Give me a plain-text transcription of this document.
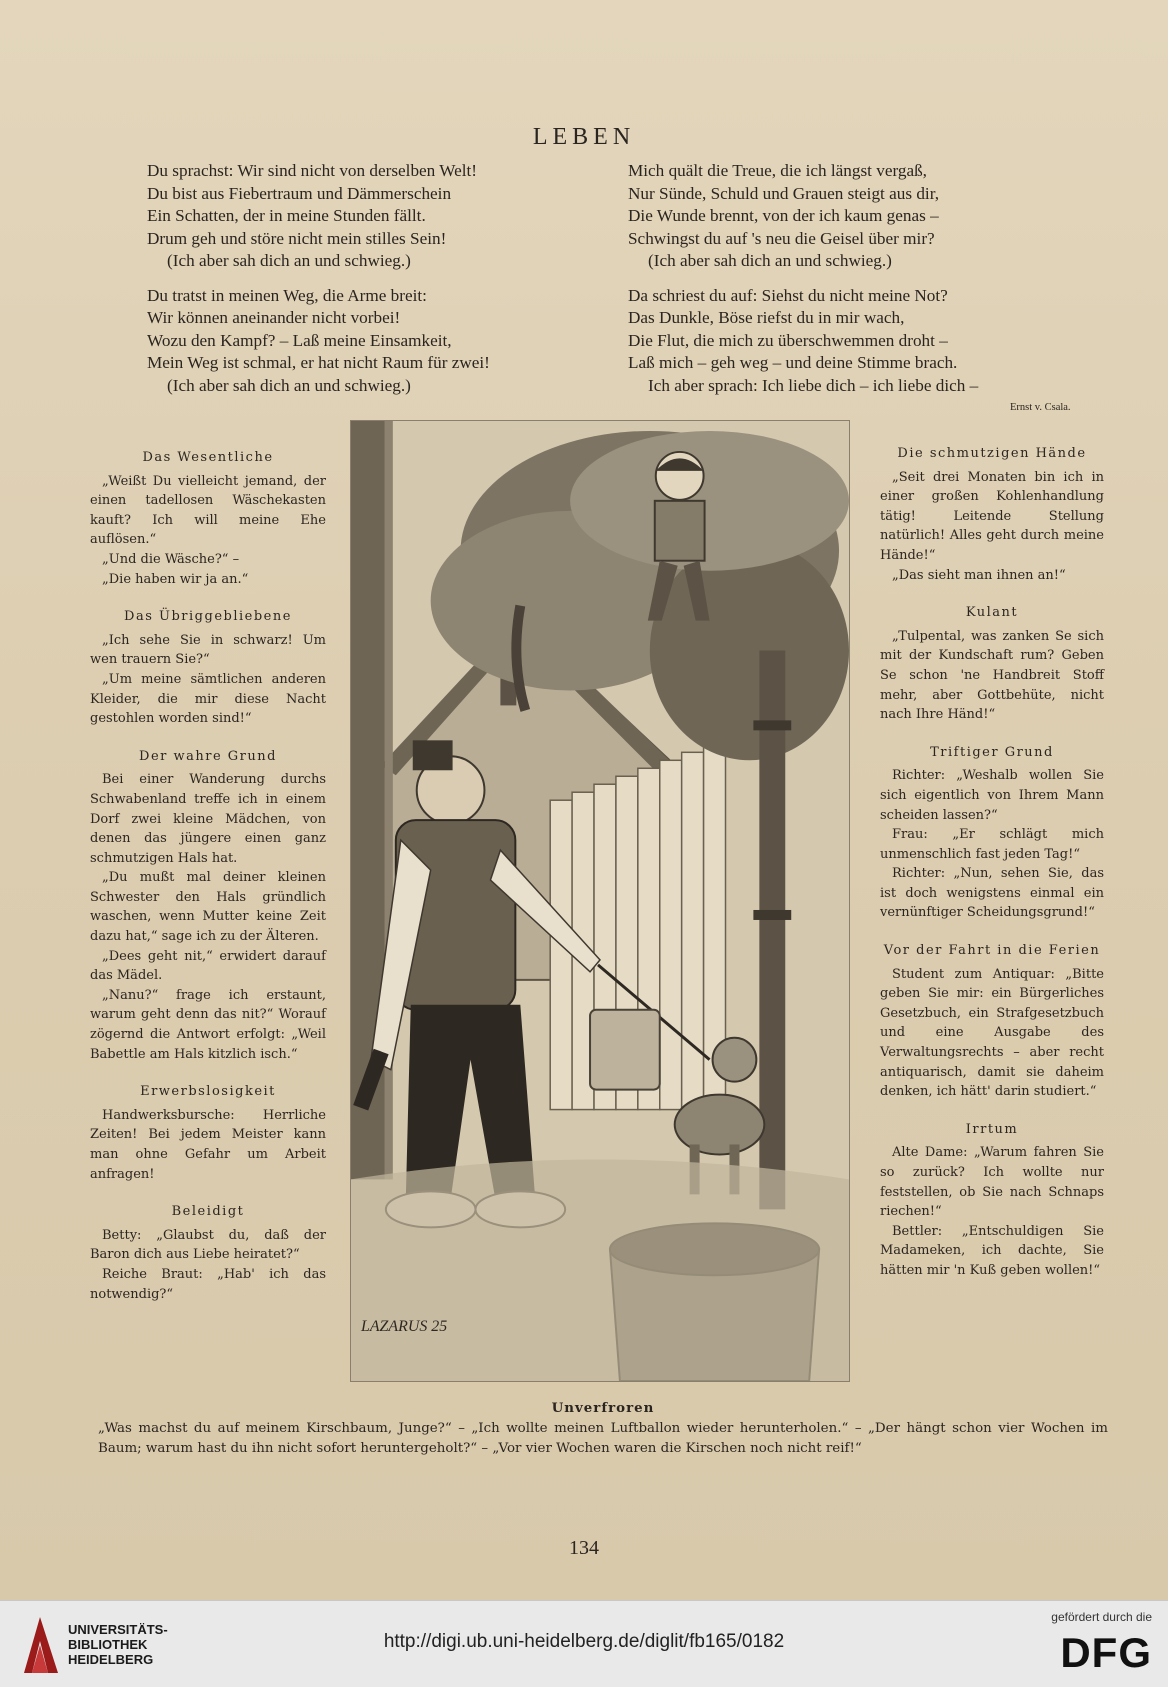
LEBEN
Du sprachst: Wir sind nicht von derselben Welt!
Du bist aus Fiebertraum und Dämmerschein
Ein Schatten, der in meine Stunden fällt.
Drum geh und störe nicht mein stilles Sein!
(Ich aber sah dich an und schwieg.)
Du tratst in meinen Weg, die Arme breit:
Wir können aneinander nicht vorbei!
Wozu den Kampf? – Laß meine Einsamkeit,
Mein Weg ist schmal, er hat nicht Raum für zwei!
(Ich aber sah dich an und schwieg.)
Mich quält die Treue, die ich längst vergaß,
Nur Sünde, Schuld und Grauen steigt aus dir,
Die Wunde brennt, von der ich kaum genas –
Schwingst du auf 's neu die Geisel über mir?
(Ich aber sah dich an und schwieg.)
Da schriest du auf: Siehst du nicht meine Not?
Das Dunkle, Böse riefst du in mir wach,
Die Flut, die mich zu überschwemmen droht –
Laß mich – geh weg – und deine Stimme brach.
Ich aber sprach: Ich liebe dich – ich liebe dich –
Ernst v. Csala.
Das Wesentliche
„Weißt Du vielleicht jemand, der einen tadellosen Wäschekasten kauft? Ich will meine Ehe auflösen.“
„Und die Wäsche?“ –
„Die haben wir ja an.“
Das Übriggebliebene
„Ich sehe Sie in schwarz! Um wen trauern Sie?“
„Um meine sämtlichen anderen Kleider, die mir diese Nacht gestohlen worden sind!“
Der wahre Grund
Bei einer Wanderung durchs Schwabenland treffe ich in einem Dorf zwei kleine Mädchen, von denen das jüngere einen ganz schmutzigen Hals hat.
„Du mußt mal deiner kleinen Schwester den Hals gründlich waschen, wenn Mutter keine Zeit dazu hat,“ sage ich zu der Älteren.
„Dees geht nit,“ erwidert darauf das Mädel.
„Nanu?“ frage ich erstaunt, warum geht denn das nit?“ Worauf zögernd die Antwort erfolgt: „Weil Babettle am Hals kitzlich isch.“
Erwerbslosigkeit
Handwerksbursche: Herrliche Zeiten! Bei jedem Meister kann man ohne Gefahr um Arbeit anfragen!
Beleidigt
Betty: „Glaubst du, daß der Baron dich aus Liebe heiratet?“
Reiche Braut: „Hab' ich das notwendig?“
Die schmutzigen Hände
„Seit drei Monaten bin ich in einer großen Kohlenhandlung tätig! Leitende Stellung natürlich! Alles geht durch meine Hände!“
„Das sieht man ihnen an!“
Kulant
„Tulpental, was zanken Se sich mit der Kundschaft rum? Geben Se schon 'ne Handbreit Stoff mehr, aber Gottbehüte, nicht nach Ihre Händ!“
Triftiger Grund
Richter: „Weshalb wollen Sie sich eigentlich von Ihrem Mann scheiden lassen?“
Frau: „Er schlägt mich unmenschlich fast jeden Tag!“
Richter: „Nun, sehen Sie, das ist doch wenigstens einmal ein vernünftiger Scheidungsgrund!“
Vor der Fahrt in die Ferien
Student zum Antiquar: „Bitte geben Sie mir: ein Bürgerliches Gesetzbuch, ein Strafgesetzbuch und eine Ausgabe des Verwaltungsrechts – aber recht antiquarisch, damit sie daheim denken, ich hätt' darin studiert.“
Irrtum
Alte Dame: „Warum fahren Sie so zurück? Ich wollte nur feststellen, ob Sie nach Schnaps riechen!“
Bettler: „Entschuldigen Sie Madameken, ich dachte, Sie hätten mir 'n Kuß geben wollen!“
LAZARUS 25
Unverfroren
„Was machst du auf meinem Kirschbaum, Junge?“ – „Ich wollte meinen Luftballon wieder herunterholen.“ – „Der hängt schon vier Wochen im Baum; warum hast du ihn nicht sofort heruntergeholt?“ – „Vor vier Wochen waren die Kirschen noch nicht reif!“
134
UNIVERSITÄTS-
BIBLIOTHEK
HEIDELBERG
http://digi.ub.uni-heidelberg.de/diglit/fb165/0182
gefördert durch die
DFG
